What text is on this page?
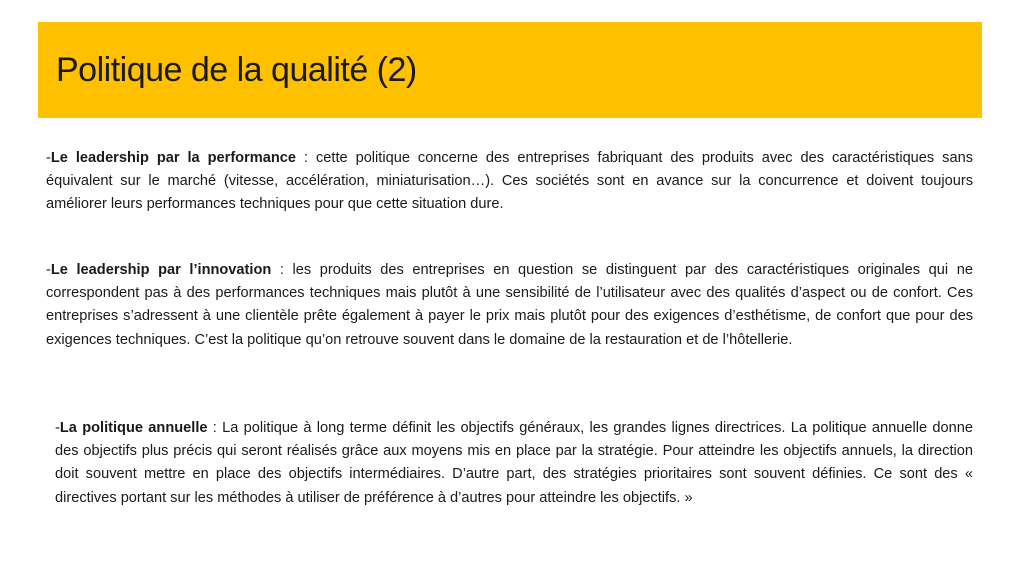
Politique de la qualité (2)

-Le leadership par la performance : cette politique concerne des entreprises fabriquant des produits avec des caractéristiques sans équivalent sur le marché (vitesse, accélération, miniaturisation…). Ces sociétés sont en avance sur la concurrence et doivent toujours améliorer leurs performances techniques pour que cette situation dure.

-Le leadership par l’innovation : les produits des entreprises en question se distinguent par des caractéristiques originales qui ne correspondent pas à des performances techniques mais plutôt à une sensibilité de l’utilisateur avec des qualités d’aspect ou de confort. Ces entreprises s’adressent à une clientèle prête également à payer le prix mais plutôt pour des exigences d’esthétisme, de confort que pour des exigences techniques. C’est la politique qu’on retrouve souvent dans le domaine de la restauration et de l’hôtellerie.

-La politique annuelle : La politique à long terme définit les objectifs généraux, les grandes lignes directrices. La politique annuelle donne des objectifs plus précis qui seront réalisés grâce aux moyens mis en place par la stratégie. Pour atteindre les objectifs annuels, la direction doit souvent mettre en place des objectifs intermédiaires. D’autre part, des stratégies prioritaires sont souvent définies. Ce sont des « directives portant sur les méthodes à utiliser de préférence à d’autres pour atteindre les objectifs. »
